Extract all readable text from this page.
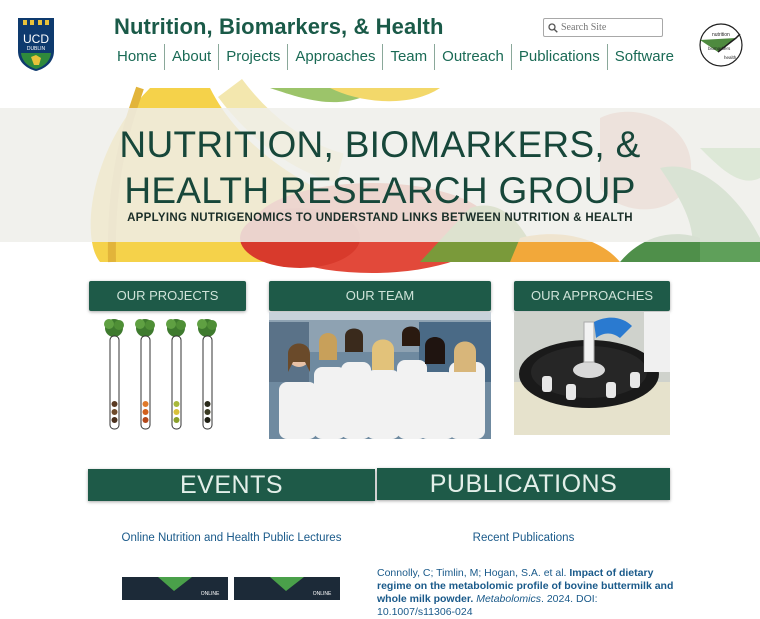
UCD
DUBLIN
Nutrition, Biomarkers, & Health
Home	About	Projects	Approaches	Team	Outreach	Publications	Software
Search Site
nutrition
biomarkers
health
NUTRITION, BIOMARKERS, &
HEALTH RESEARCH GROUP
APPLYING NUTRIGENOMICS TO UNDERSTAND LINKS BETWEEN NUTRITION & HEALTH
OUR PROJECTS	OUR TEAM	OUR APPROACHES
EVENTS	PUBLICATIONS
Online Nutrition and Health Public Lectures	Recent Publications
ONLINE	ONLINE
Connolly, C; Timlin, M; Hogan, S.A. et al. Impact of dietary regime on the metabolomic profile of bovine buttermilk and whole milk powder. Metabolomics. 2024. DOI: 10.1007/s11306-024
